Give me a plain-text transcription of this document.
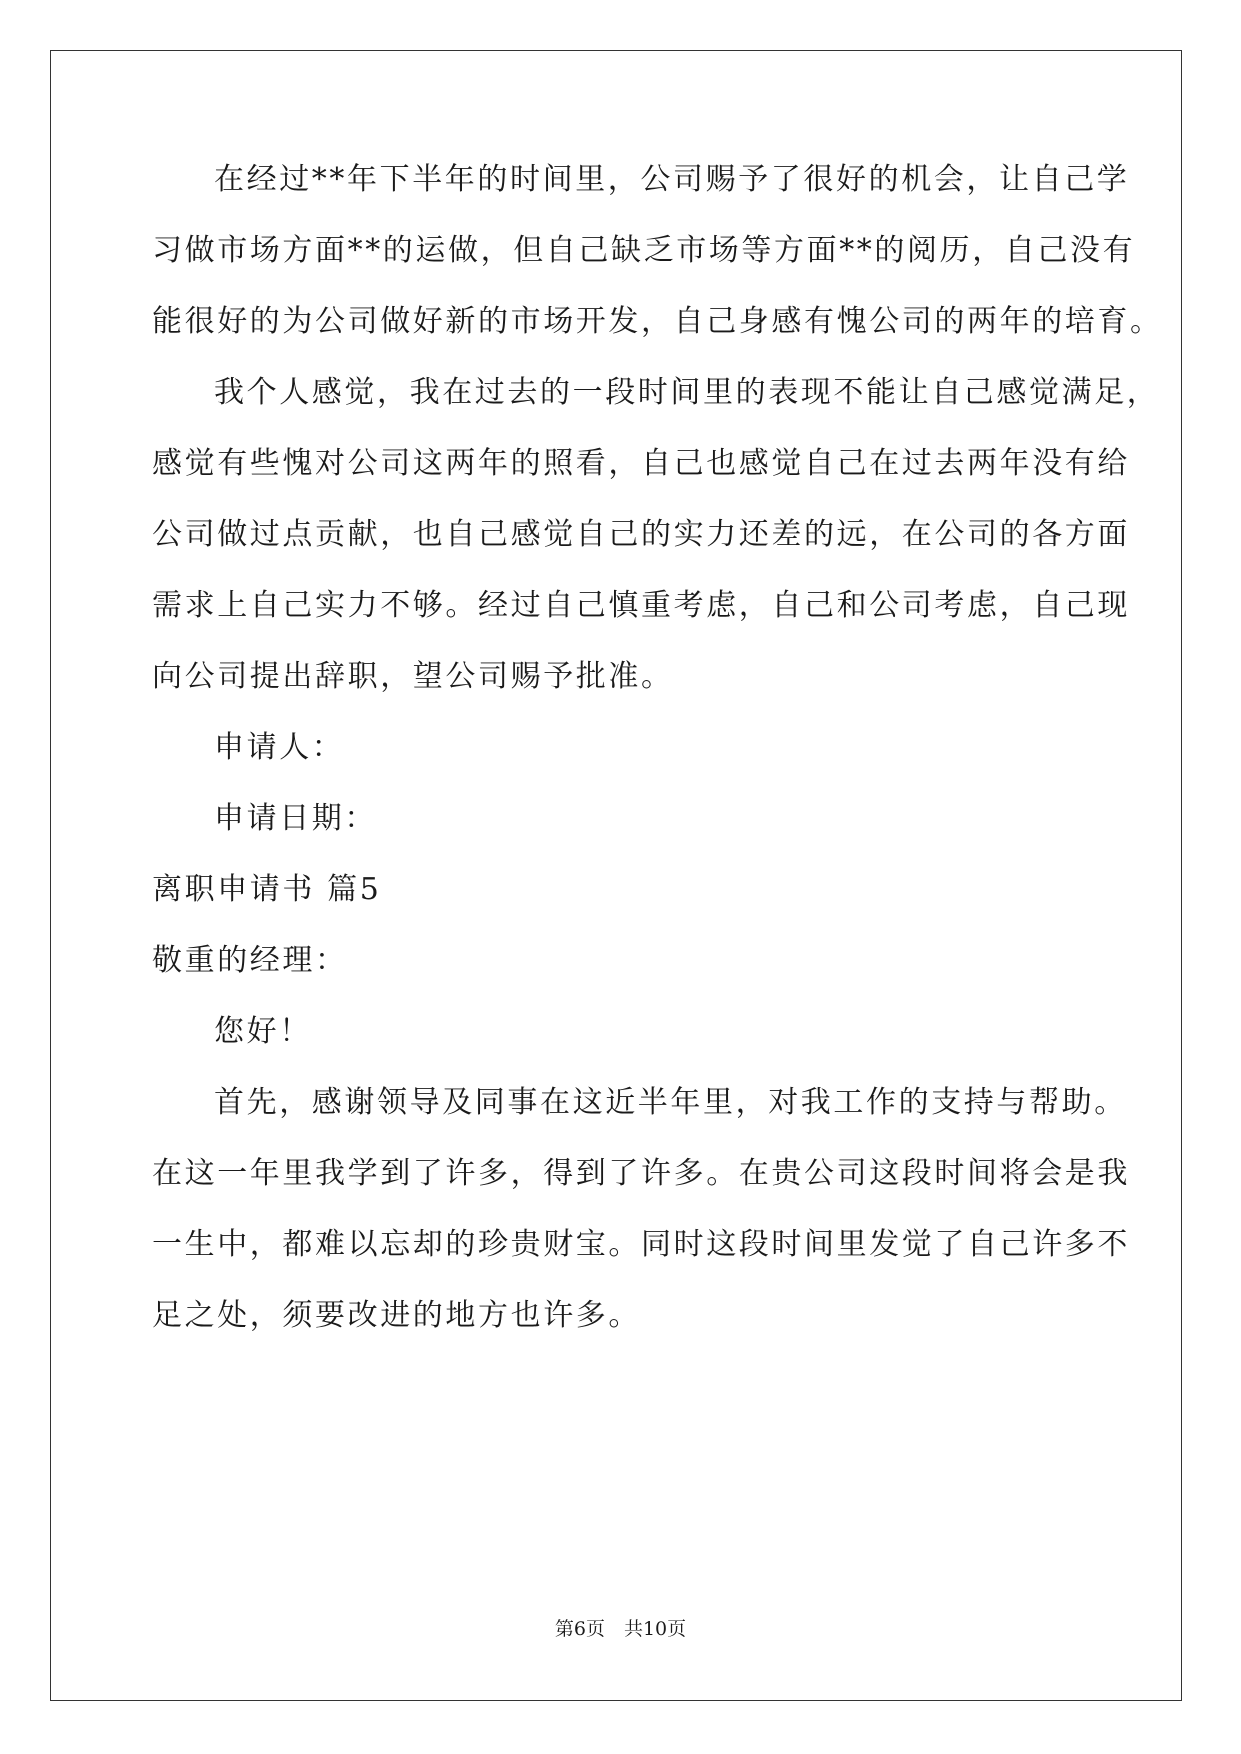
在经过**年下半年的时间里，公司赐予了很好的机会，让自己学
习做市场方面**的运做，但自己缺乏市场等方面**的阅历，自己没有
能很好的为公司做好新的市场开发，自己身感有愧公司的两年的培育。
我个人感觉，我在过去的一段时间里的表现不能让自己感觉满足，
感觉有些愧对公司这两年的照看，自己也感觉自己在过去两年没有给
公司做过点贡献，也自己感觉自己的实力还差的远，在公司的各方面
需求上自己实力不够。经过自己慎重考虑，自己和公司考虑，自己现
向公司提出辞职，望公司赐予批准。
申请人：
申请日期：
离职申请书 篇5
敬重的经理：
您好！
首先，感谢领导及同事在这近半年里，对我工作的支持与帮助。
在这一年里我学到了许多，得到了许多。在贵公司这段时间将会是我
一生中，都难以忘却的珍贵财宝。同时这段时间里发觉了自己许多不
足之处，须要改进的地方也许多。
第6页　共10页
